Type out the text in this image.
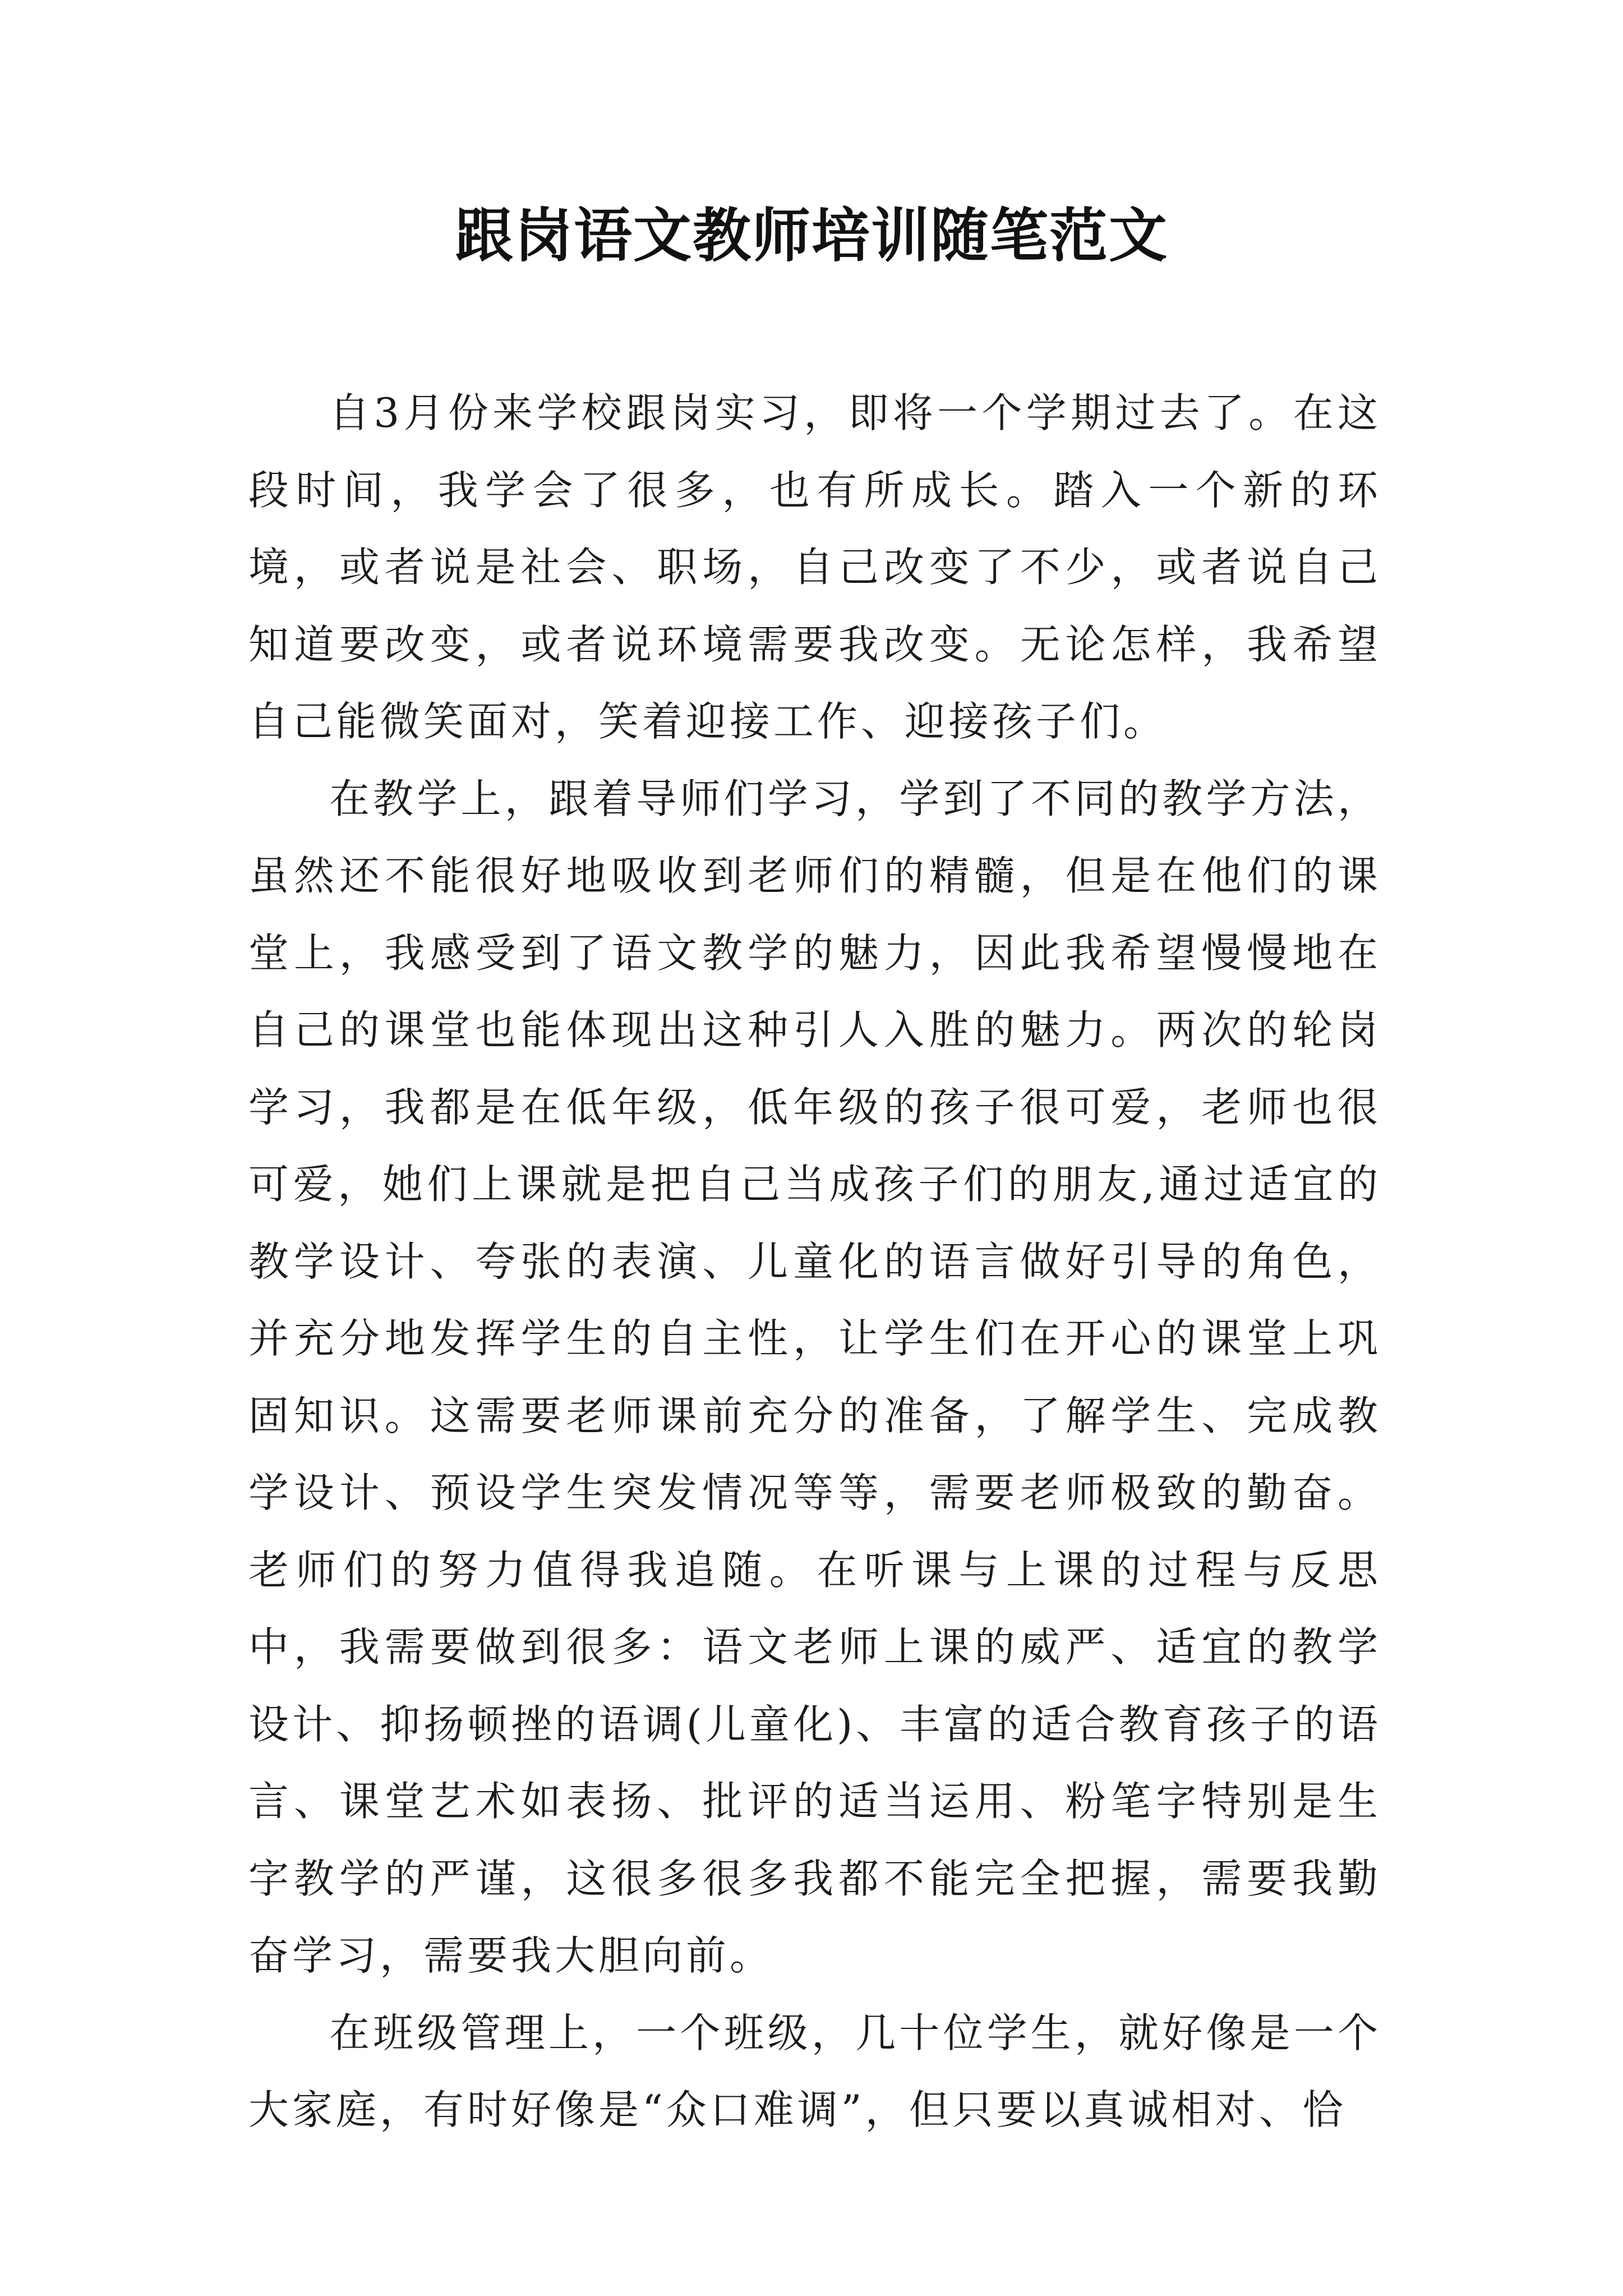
跟岗语文教师培训随笔范文

自3月份来学校跟岗实习，即将一个学期过去了。在这段时间，我学会了很多，也有所成长。踏入一个新的环境，或者说是社会、职场，自己改变了不少，或者说自己知道要改变，或者说环境需要我改变。无论怎样，我希望自己能微笑面对，笑着迎接工作、迎接孩子们。

在教学上，跟着导师们学习，学到了不同的教学方法，虽然还不能很好地吸收到老师们的精髓，但是在他们的课堂上，我感受到了语文教学的魅力，因此我希望慢慢地在自己的课堂也能体现出这种引人入胜的魅力。两次的轮岗学习，我都是在低年级，低年级的孩子很可爱，老师也很可爱，她们上课就是把自己当成孩子们的朋友,通过适宜的教学设计、夸张的表演、儿童化的语言做好引导的角色，并充分地发挥学生的自主性，让学生们在开心的课堂上巩固知识。这需要老师课前充分的准备，了解学生、完成教学设计、预设学生突发情况等等，需要老师极致的勤奋。老师们的努力值得我追随。在听课与上课的过程与反思中，我需要做到很多：语文老师上课的威严、适宜的教学设计、抑扬顿挫的语调(儿童化)、丰富的适合教育孩子的语言、课堂艺术如表扬、批评的适当运用、粉笔字特别是生字教学的严谨，这很多很多我都不能完全把握，需要我勤奋学习，需要我大胆向前。

在班级管理上，一个班级，几十位学生，就好像是一个大家庭，有时好像是“众口难调”，但只要以真诚相对、恰
